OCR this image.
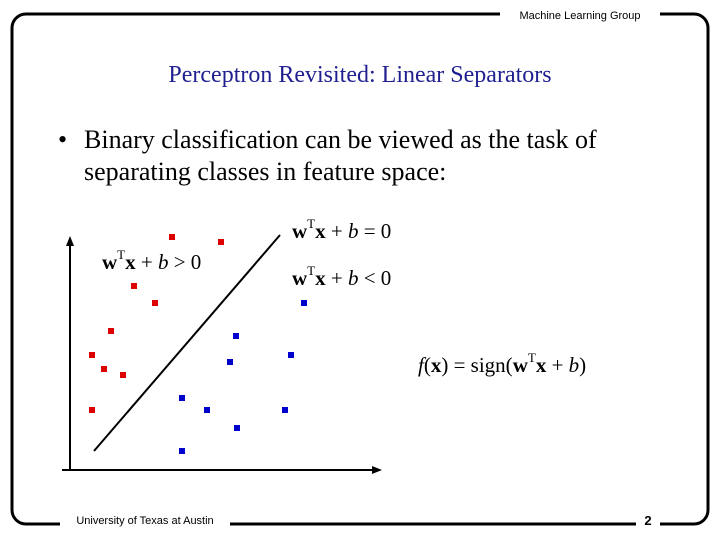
Machine Learning Group
Perceptron Revisited: Linear Separators
• Binary classification can be viewed as the task of separating classes in feature space:
$w^Tx + b = 0$
$w^Tx + b > 0$
$w^Tx + b < 0$
$f(x) = sign(w^Tx + b)$
University of Texas at Austin	2
